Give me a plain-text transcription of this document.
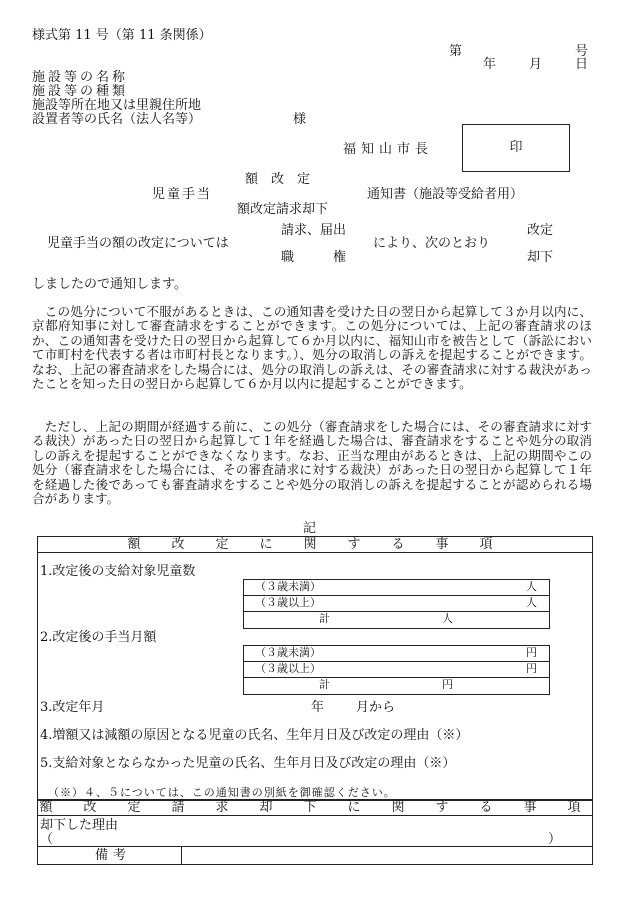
様式第 11 号（第 11 条関係）
第	号
年	月	日
施設等の名称
施設等の種類
施設等所在地又は里親住所地
設置者等の氏名（法人名等）	様
福知山市長	印
額　改　定
児童手当	通知書（施設等受給者用）
額改定請求却下
請求、届出	改定
児童手当の額の改定については	により、次のとおり
職　　　権	却下
しましたので通知します。
　この処分について不服があるときは、この通知書を受けた日の翌日から起算して３か月以内に、京都府知事に対して審査請求をすることができます。この処分については、上記の審査請求のほか、この通知書を受けた日の翌日から起算して６か月以内に、福知山市を被告として（訴訟において市町村を代表する者は市町村長となります。）、処分の取消しの訴えを提起することができます。なお、上記の審査請求をした場合には、処分の取消しの訴えは、その審査請求に対する裁決があったことを知った日の翌日から起算して６か月以内に提起することができます。
　ただし、上記の期間が経過する前に、この処分（審査請求をした場合には、その審査請求に対する裁決）があった日の翌日から起算して１年を経過した場合は、審査請求をすることや処分の取消しの訴えを提起することができなくなります。なお、正当な理由があるときは、上記の期間やこの処分（審査請求をした場合には、その審査請求に対する裁決）があった日の翌日から起算して１年を経過した後であっても審査請求をすることや処分の取消しの訴えを提起することが認められる場合があります。
記
額　改　定　に　関　す　る　事　項
1.改定後の支給対象児童数
（３歳未満）	人
（３歳以上）	人
計	人
2.改定後の手当月額
（３歳未満）	円
（３歳以上）	円
計	円
3.改定年月	年 月から
4.増額又は減額の原因となる児童の氏名、生年月日及び改定の理由（※）
5.支給対象とならなかった児童の氏名、生年月日及び改定の理由（※）
（※）４、５については、この通知書の別紙を御確認ください。
額　改　定　請　求　却　下　に　関　す　る　事　項
却下した理由
（	）
備考
